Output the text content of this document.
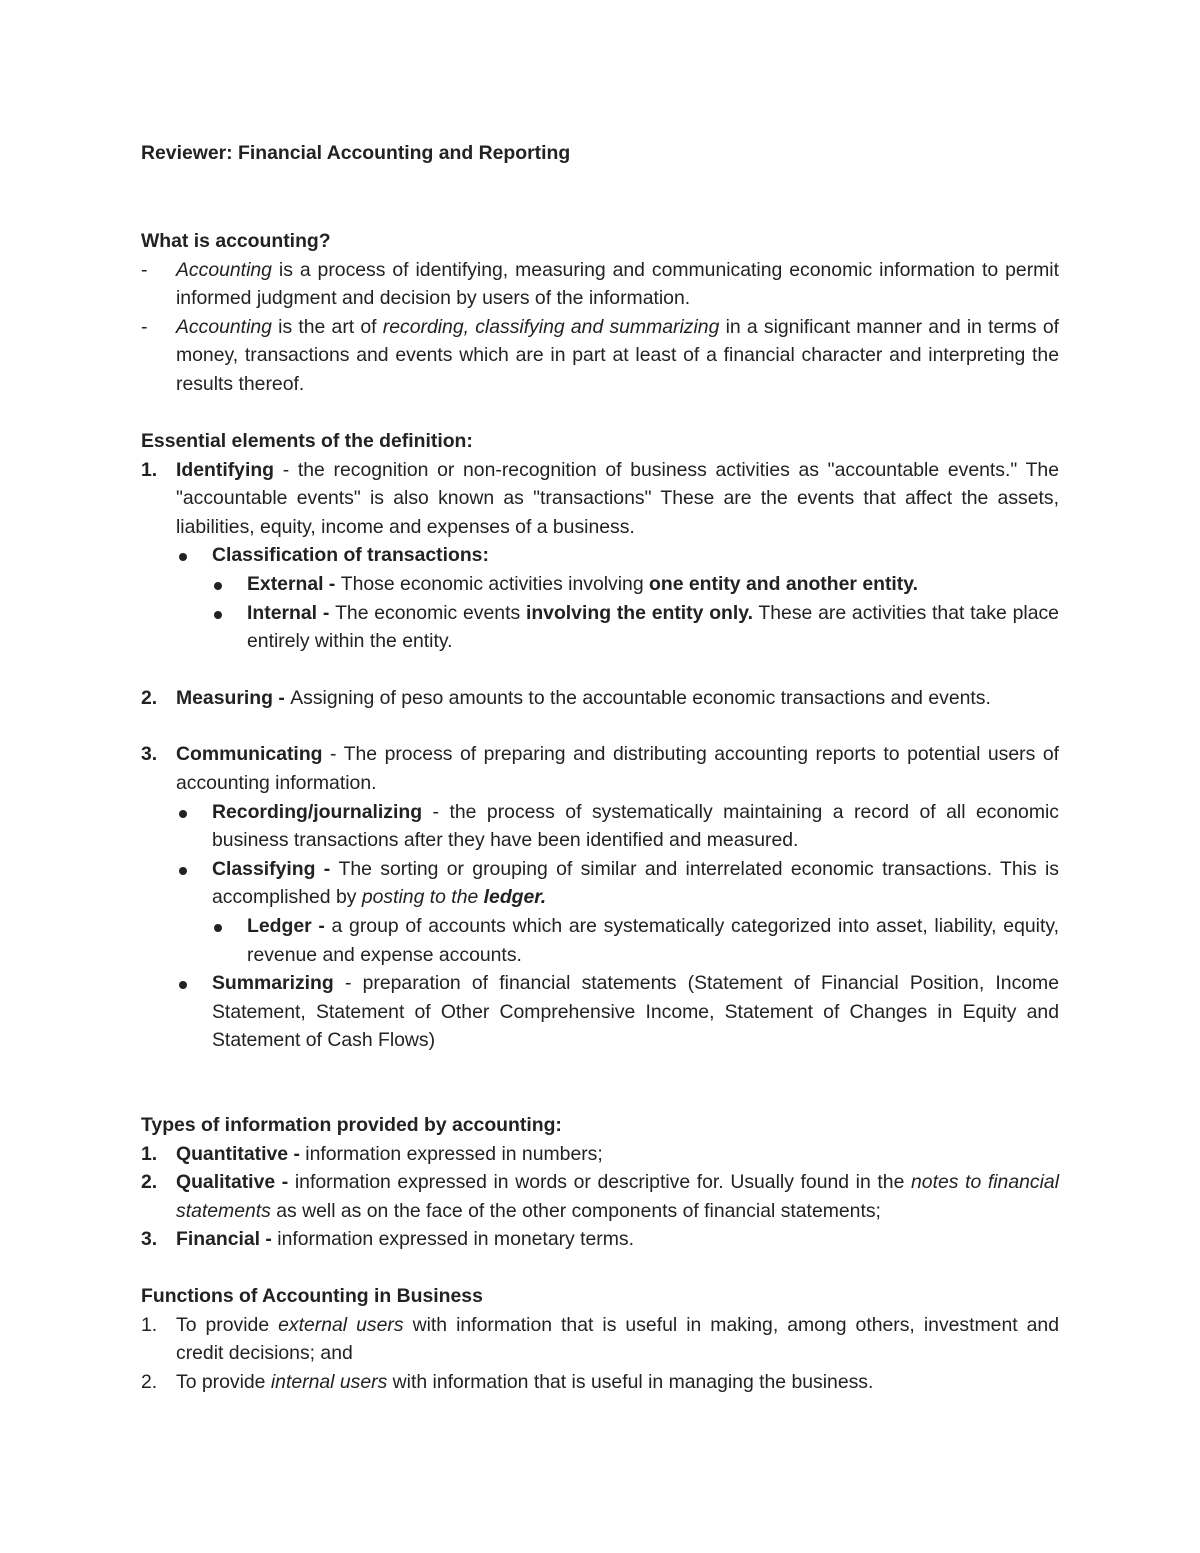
Reviewer: Financial Accounting and Reporting

What is accounting?

- Accounting is a process of identifying, measuring and communicating economic information to permit informed judgment and decision by users of the information.
- Accounting is the art of recording, classifying and summarizing in a significant manner and in terms of money, transactions and events which are in part at least of a financial character and interpreting the results thereof.

Essential elements of the definition:

1. Identifying - the recognition or non-recognition of business activities as "accountable events." The "accountable events" is also known as "transactions" These are the events that affect the assets, liabilities, equity, income and expenses of a business.
Classification of transactions:
External - Those economic activities involving one entity and another entity.
Internal - The economic events involving the entity only. These are activities that take place entirely within the entity.
2. Measuring - Assigning of peso amounts to the accountable economic transactions and events.
3. Communicating - The process of preparing and distributing accounting reports to potential users of accounting information.
Recording/journalizing - the process of systematically maintaining a record of all economic business transactions after they have been identified and measured.
Classifying - The sorting or grouping of similar and interrelated economic transactions. This is accomplished by posting to the ledger.
Ledger - a group of accounts which are systematically categorized into asset, liability, equity, revenue and expense accounts.
Summarizing - preparation of financial statements (Statement of Financial Position, Income Statement, Statement of Other Comprehensive Income, Statement of Changes in Equity and Statement of Cash Flows)

Types of information provided by accounting:

1. Quantitative - information expressed in numbers;
2. Qualitative - information expressed in words or descriptive for. Usually found in the notes to financial statements as well as on the face of the other components of financial statements;
3. Financial - information expressed in monetary terms.

Functions of Accounting in Business

1. To provide external users with information that is useful in making, among others, investment and credit decisions; and
2. To provide internal users with information that is useful in managing the business.
